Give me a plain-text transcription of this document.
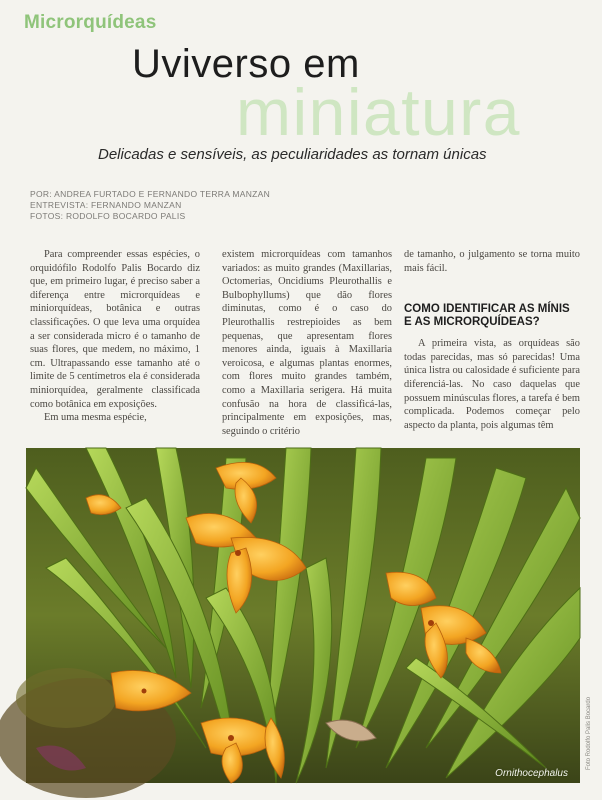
Microrquídeas
Uviverso em
miniatura
Delicadas e sensíveis, as peculiaridades as tornam únicas
POR: ANDREA FURTADO E FERNANDO TERRA MANZAN
ENTREVISTA: FERNANDO MANZAN
FOTOS: RODOLFO BOCARDO PALIS

Para compreender essas espécies, o orquidófilo Rodolfo Palis Bocardo diz que, em primeiro lugar, é preciso saber a diferença entre microrquídeas e miniorquídeas, botânica e outras classificações. O que leva uma orquídea a ser considerada micro é o tamanho de suas flores, que medem, no máximo, 1 cm. Ultrapassando esse tamanho até o limite de 5 centímetros ela é considerada miniorquídea, geralmente classificada como botânica em exposições.

Em uma mesma espécie,

existem microrquídeas com tamanhos variados: as muito grandes (Maxillarias, Octomerias, Oncidiums Pleurothallis e Bulbophyllums) que dão flores diminutas, como é o caso do Pleurothallis restrepioides as bem pequenas, que apresentam flores menores ainda, iguais à Maxillaria veroicosa, e algumas plantas enormes, com flores muito grandes também, como a Maxillaria serigera. Há muita confusão na hora de classificá-las, principalmente em exposições, mas, seguindo o critério

de tamanho, o julgamento se torna muito mais fácil.

COMO IDENTIFICAR AS MÍNIS E AS MICRORQUÍDEAS?

A primeira vista, as orquídeas são todas parecidas, mas só parecidas! Uma única listra ou calosidade é suficiente para diferenciá-las. No caso daquelas que possuem minúsculas flores, a tarefa é bem complicada. Podemos começar pelo aspecto da planta, pois algumas têm

Ornithocephalus
Foto Rodolfo Palis Bocardo
